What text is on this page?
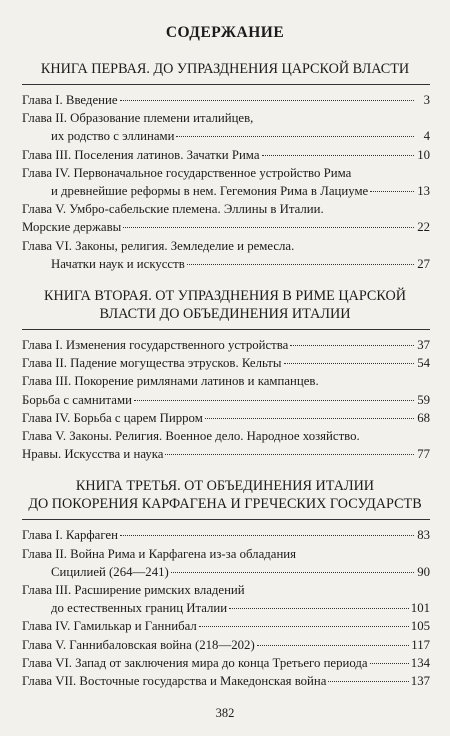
СОДЕРЖАНИЕ
КНИГА ПЕРВАЯ. ДО УПРАЗДНЕНИЯ ЦАРСКОЙ ВЛАСТИ
Глава I. Введение	3
Глава II. Образование племени италийцев,
их родство с эллинами	4
Глава III. Поселения латинов. Зачатки Рима	10
Глава IV. Первоначальное государственное устройство Рима
и древнейшие реформы в нем. Гегемония Рима в Лациуме	13
Глава V. Умбро-сабельские племена. Эллины в Италии.
Морские державы	22
Глава VI. Законы, религия. Земледелие и ремесла.
Начатки наук и искусств	27
КНИГА ВТОРАЯ. ОТ УПРАЗДНЕНИЯ В РИМЕ ЦАРСКОЙ
ВЛАСТИ ДО ОБЪЕДИНЕНИЯ ИТАЛИИ
Глава I. Изменения государственного устройства	37
Глава II. Падение могущества этрусков. Кельты	54
Глава III. Покорение римлянами латинов и кампанцев.
Борьба с самнитами	59
Глава IV. Борьба с царем Пирром	68
Глава V. Законы. Религия. Военное дело. Народное хозяйство.
Нравы. Искусства и наука	77
КНИГА ТРЕТЬЯ. ОТ ОБЪЕДИНЕНИЯ ИТАЛИИ
ДО ПОКОРЕНИЯ КАРФАГЕНА И ГРЕЧЕСКИХ ГОСУДАРСТВ
Глава I. Карфаген	83
Глава II. Война Рима и Карфагена из-за обладания
Сицилией (264—241)	90
Глава III. Расширение римских владений
до естественных границ Италии	101
Глава IV. Гамилькар и Ганнибал	105
Глава V. Ганнибаловская война (218—202)	117
Глава VI. Запад от заключения мира до конца Третьего периода	134
Глава VII. Восточные государства и Македонская война	137
382
